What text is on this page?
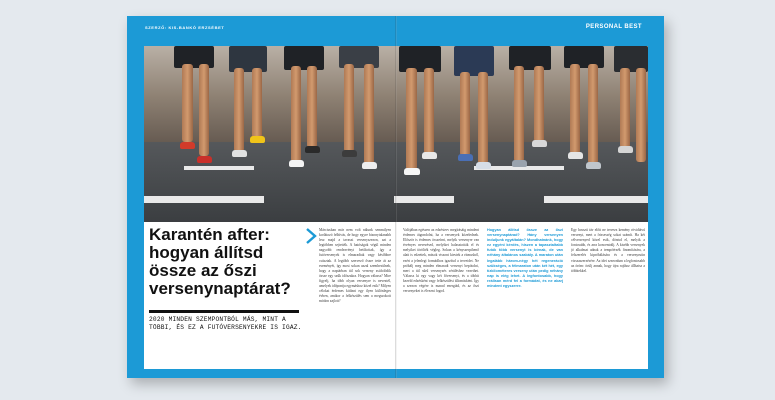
SZERZŐ: KIS-BANKÓ ERZSÉBET	PERSONAL BEST
Karantén after: hogyan állítsd össze az őszi versenynaptárat?

2020 MINDEN SZEMPONTBÓL MÁS, MINT A TÖBBI, ÉS EZ A FUTÓVERSENYEKRE IS IGAZ.

Márciusban már nem volt nálunk semmilyen korlátozó felhívás, de hogy egyre bizonytalanabb lesz majd a tavaszi versenyszezon, azt a legtöbben sejtették. A hatóságok végül minden nagyobb rendezvényt betiltottak, így a futóversenyek is elmaradtak vagy későbbre csúsztak. A legtöbb szervező őszre tette át az eseményét, így most sokan azzal szembesülnek, hogy a naptárban túl sok verseny zsúfolódik össze egy szűk időszakra. Hogyan válassz? Mire figyelj, ha több olyan versenyre is neveztél, amelyek időpontja egymáshoz közel esik? Milyen célokat érdemes kitűzni egy ilyen különleges évben, amikor a felkészülés sem a megszokott módon zajlott?

Valójában egészen az edzésterv megírásáig mindent érdemes átgondolni, ha a versenyek közelednek. Először is érdemes összeírni, melyik versenyre van érvényes nevezésed, melyiket halasztották el és melyiket törölték végleg. Sokan a kényszerpihenő alatt is edzettek, mások viszont kiestek a ritmusból, ezért a jelenlegi formádhoz igazítsd a terveidet. Ne próbálj meg minden elmaradt versenyt bepótolni, mert a túl sűrű versenyzés sérüléshez vezethet. Válassz ki egy vagy két főversenyt, és a többit kezeld edzésként vagy felkészülési állomásként. Így a szezon végére is marad energiád, és az őszi versenyeket is élvezni fogod.

Hogyan állítsd össze az őszi versenynaptárad? Hány versenyen induljunk egyáltalán? Mondhatnánk, hogy ez egyéni kérdés, hiszen a tapasztaltabb futók több versenyt is bírnak, de van néhány általános szabály. A maraton után legalább három-négy hét regeneráció szükséges, a félmaraton után két hét, egy tízkilométeres verseny után pedig néhány nap is elég lehet. A legfontosabb, hogy reálisan mérd fel a formádat, és ne akarj mindent egyszerre.

Egy hosszú táv előtt ne tervezz kemény rövidtávú versenyt, mert a frissesség sokat számít. Ha két célversenyed közel esik, döntsd el, melyik a fontosabb, és arra koncentrálj. A kisebb versenyek jó alkalmat adnak a tempóérzék finomítására, a felszerelés kipróbálására és a versenyrutin visszaszerzésére. Az idei szezonban a legfontosabb az öröm: örülj annak, hogy újra rajthoz állhatsz a többiekkel.

28 RUNNER'S WORLD 2020	2020 RUNNER'S WORLD 29
